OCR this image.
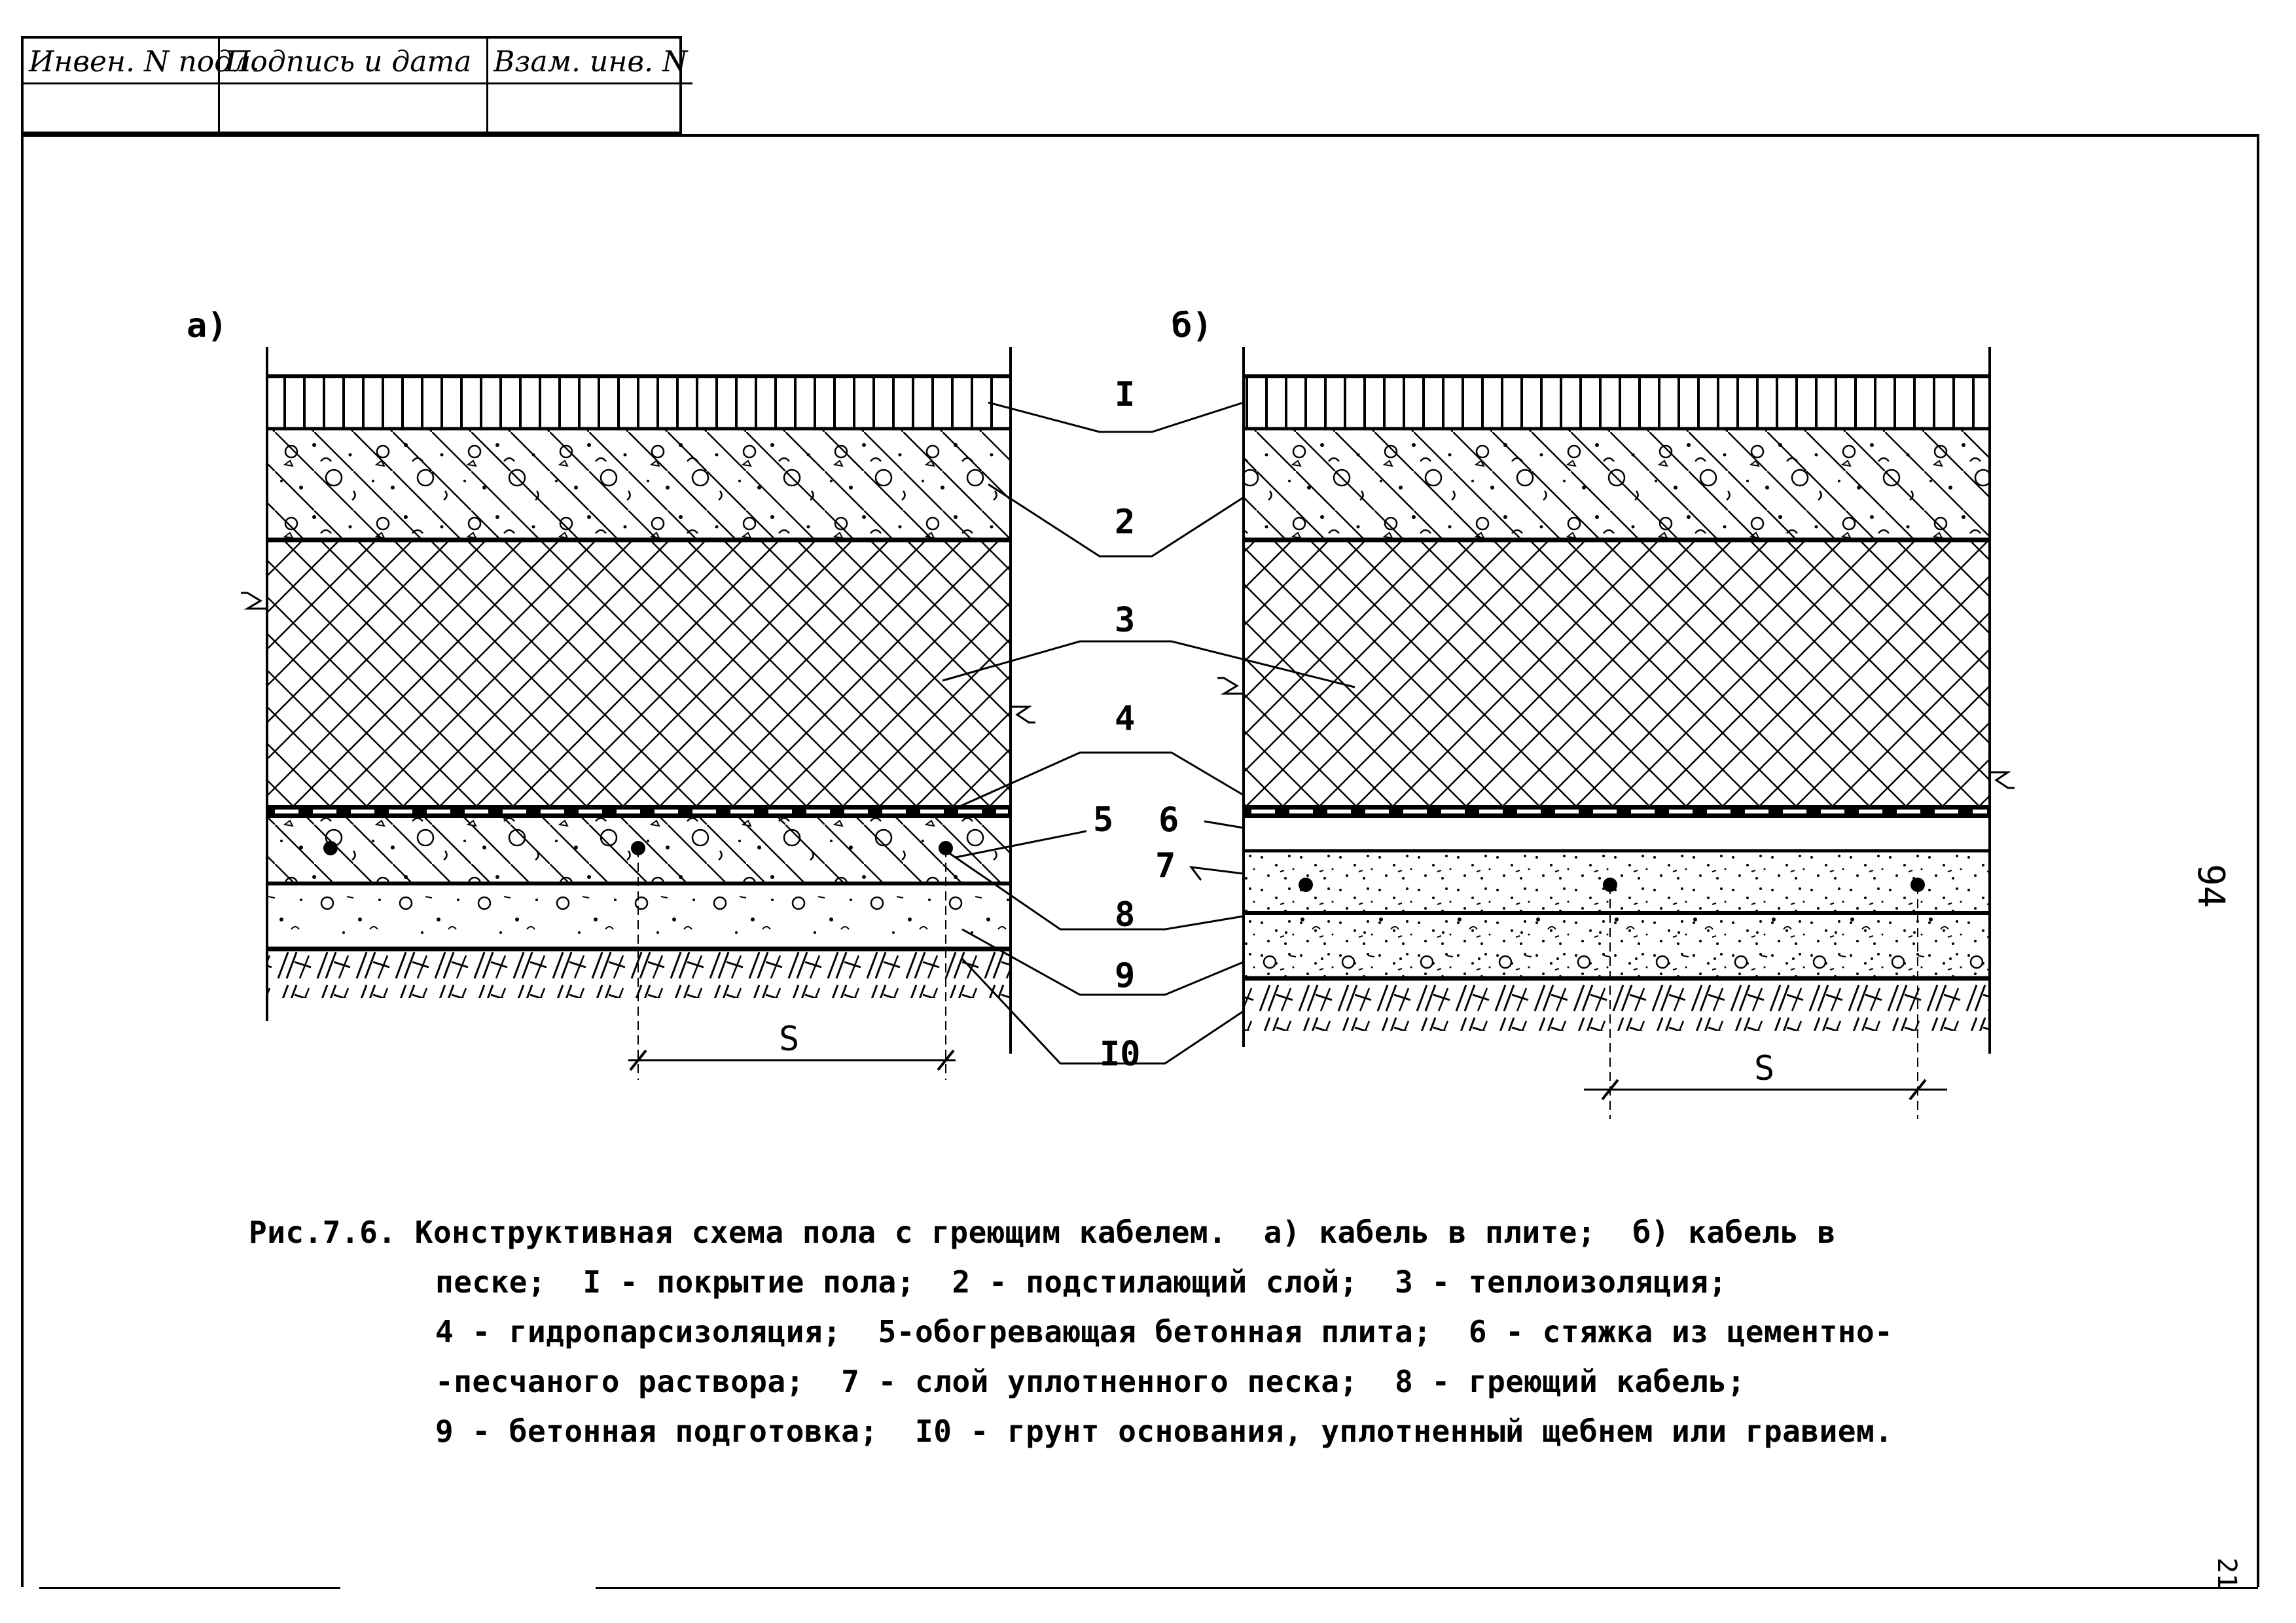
Инвен. N подл.
Подпись и дата Взам. инв. N
а)	б)
I
2
3
4
5 6
7
8
9
I0
S
S

Рис.7.6. Конструктивная схема пола с греющим кабелем.  а) кабель в плите;  б) кабель в

песке;  I - покрытие пола;  2 - подстилающий слой;  3 - теплоизоляция;

4 - гидропарсизоляция;  5-обогревающая бетонная плита;  6 - стяжка из цементно-

-песчаного раствора;  7 - слой уплотненного песка;  8 - греющий кабель;

9 - бетонная подготовка;  I0 - грунт основания, уплотненный щебнем или гравием.

94
21
